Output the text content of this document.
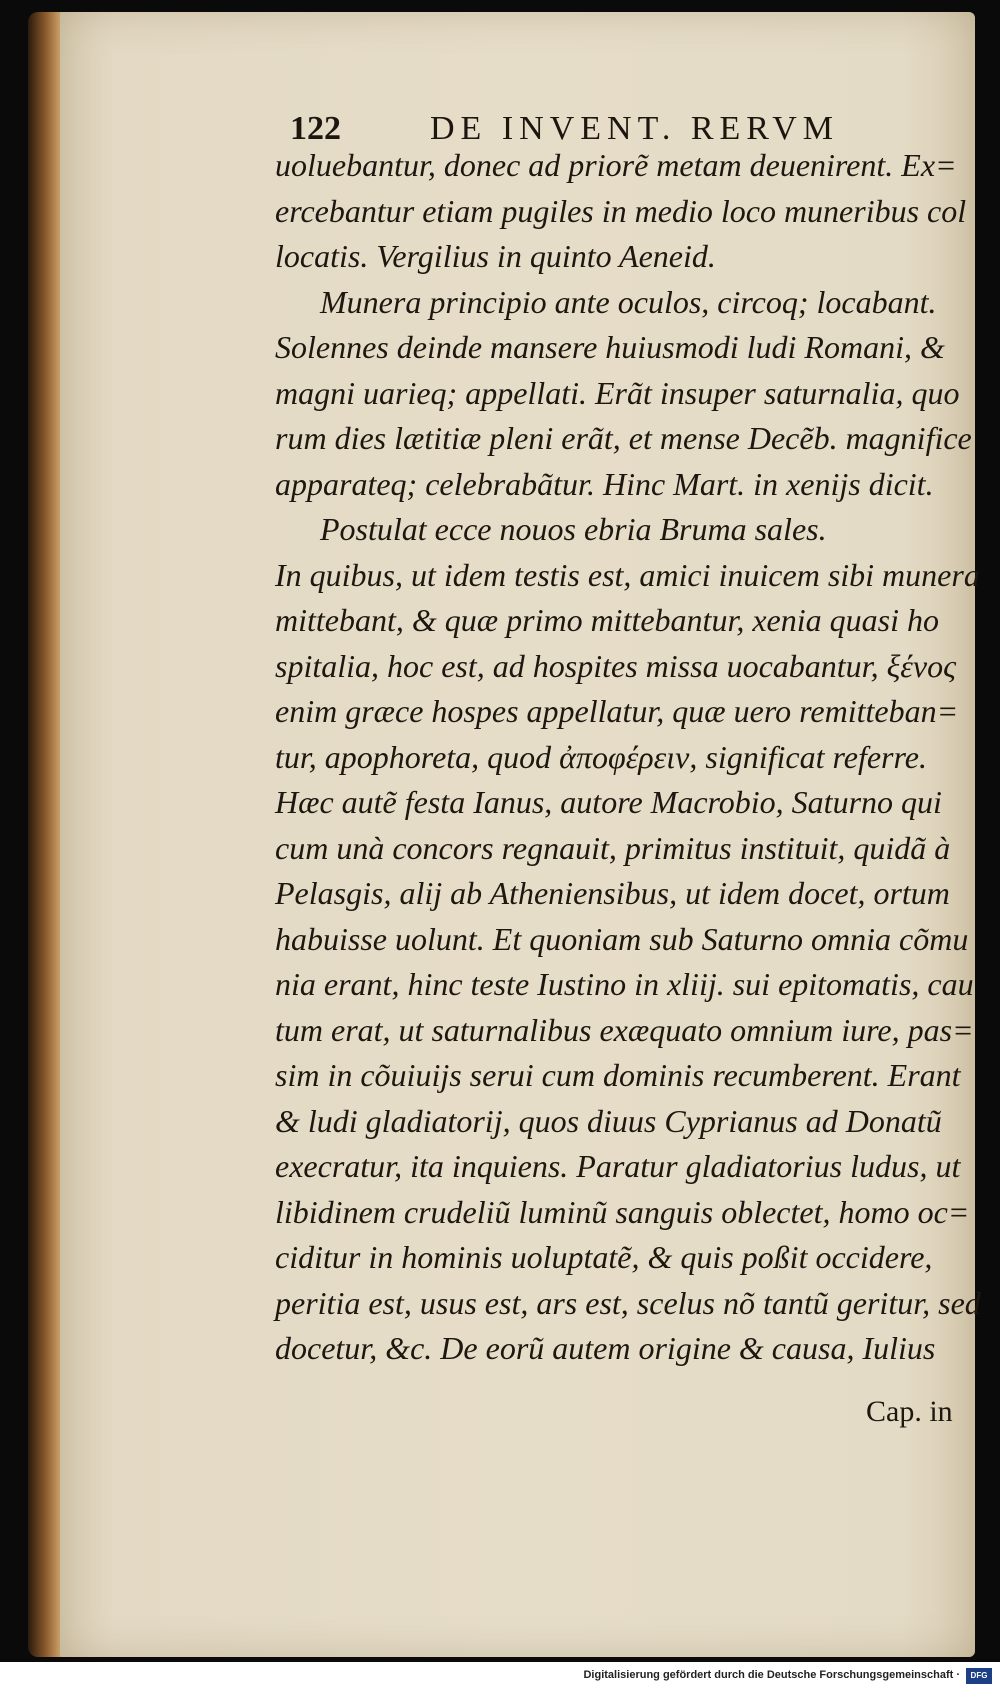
122	DE INVENT. RERVM
uoluebantur, donec ad priorẽ metam deuenirent. Ex=
ercebantur etiam pugiles in medio loco muneribus col
locatis. Vergilius in quinto Aeneid.
Munera principio ante oculos, circoq; locabant.
Solennes deinde mansere huiusmodi ludi Romani, &
magni uarieq; appellati. Erãt insuper saturnalia, quo
rum dies lætitiæ pleni erãt, et mense Decẽb. magnifice
apparateq; celebrabãtur. Hinc Mart. in xenijs dicit.
Postulat ecce nouos ebria Bruma sales.
In quibus, ut idem testis est, amici inuicem sibi munera
mittebant, & quæ primo mittebantur, xenia quasi ho
spitalia, hoc est, ad hospites missa uocabantur, ξένος
enim græce hospes appellatur, quæ uero remitteban=
tur, apophoreta, quod ἀποφέρειν, significat referre.
Hæc autẽ festa Ianus, autore Macrobio, Saturno qui
cum unà concors regnauit, primitus instituit, quidã à
Pelasgis, alij ab Atheniensibus, ut idem docet, ortum
habuisse uolunt. Et quoniam sub Saturno omnia cõmu
nia erant, hinc teste Iustino in xliij. sui epitomatis, cau
tum erat, ut saturnalibus exæquato omnium iure, pas=
sim in cõuiuijs serui cum dominis recumberent. Erant
& ludi gladiatorij, quos diuus Cyprianus ad Donatũ
execratur, ita inquiens. Paratur gladiatorius ludus, ut
libidinem crudeliũ luminũ sanguis oblectet, homo oc=
ciditur in hominis uoluptatẽ, & quis poßit occidere,
peritia est, usus est, ars est, scelus nõ tantũ geritur, sed
docetur, &c. De eorũ autem origine & causa, Iulius
Cap. in
Digitalisierung gefördert durch die Deutsche Forschungsgemeinschaft ·	DFG
